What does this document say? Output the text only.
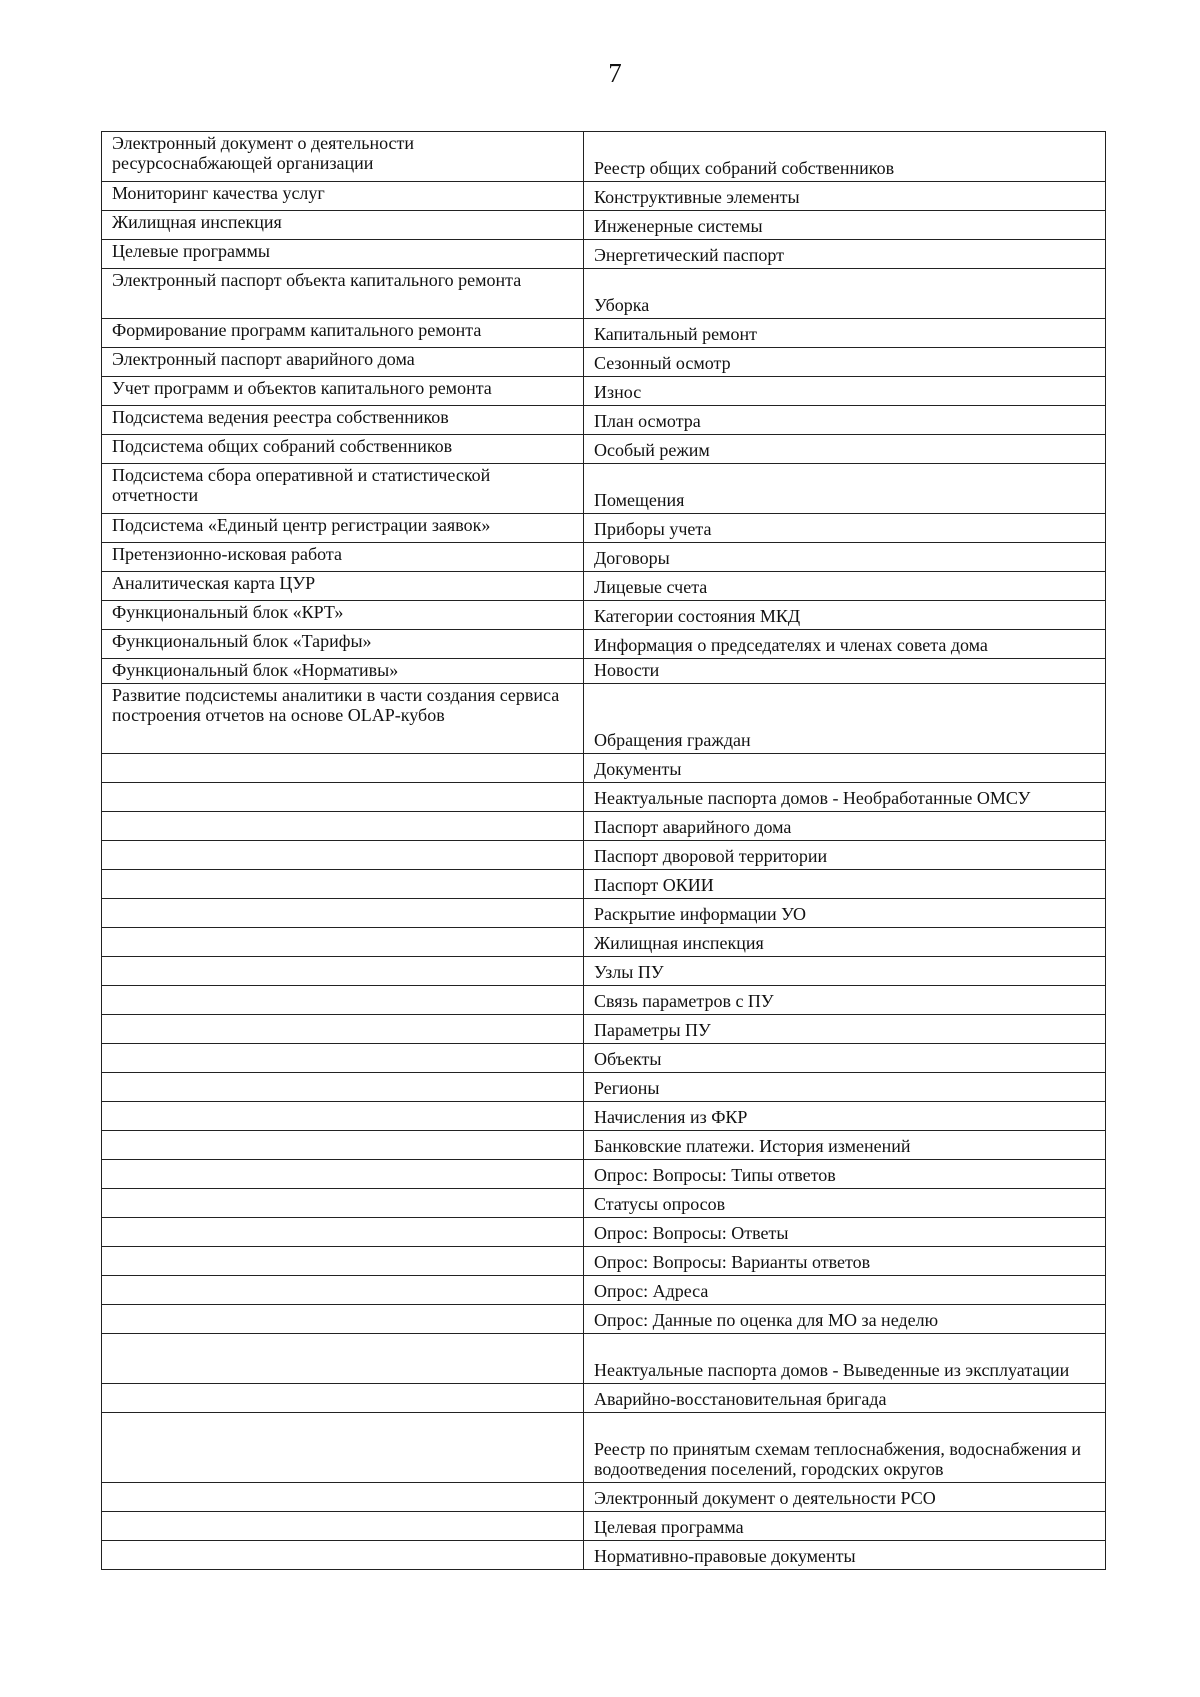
7
Электронный документ о деятельности ресурсоснабжающей организации	Реестр общих собраний собственников
Мониторинг качества услуг	Конструктивные элементы
Жилищная инспекция	Инженерные системы
Целевые программы	Энергетический паспорт
Электронный паспорт объекта капитального ремонта	Уборка
Формирование программ капитального ремонта	Капитальный ремонт
Электронный паспорт аварийного дома	Сезонный осмотр
Учет программ и объектов капитального ремонта	Износ
Подсистема ведения реестра собственников	План осмотра
Подсистема общих собраний собственников	Особый режим
Подсистема сбора оперативной и статистической отчетности	Помещения
Подсистема «Единый центр регистрации заявок»	Приборы учета
Претензионно-исковая работа	Договоры
Аналитическая карта ЦУР	Лицевые счета
Функциональный блок «КРТ»	Категории состояния МКД
Функциональный блок «Тарифы»	Информация о председателях и членах совета дома
Функциональный блок «Нормативы»	Новости
Развитие подсистемы аналитики в части создания сервиса построения отчетов на основе OLAP-кубов	Обращения граждан
	Документы
	Неактуальные паспорта домов - Необработанные ОМСУ
	Паспорт аварийного дома
	Паспорт дворовой территории
	Паспорт ОКИИ
	Раскрытие информации УО
	Жилищная инспекция
	Узлы ПУ
	Связь параметров с ПУ
	Параметры ПУ
	Объекты
	Регионы
	Начисления из ФКР
	Банковские платежи. История изменений
	Опрос: Вопросы: Типы ответов
	Статусы опросов
	Опрос: Вопросы: Ответы
	Опрос: Вопросы: Варианты ответов
	Опрос: Адреса
	Опрос: Данные по оценка для МО за неделю
	Неактуальные паспорта домов - Выведенные из эксплуатации
	Аварийно-восстановительная бригада
	Реестр по принятым схемам теплоснабжения, водоснабжения и водоотведения поселений, городских округов
	Электронный документ о деятельности РСО
	Целевая программа
	Нормативно-правовые документы
